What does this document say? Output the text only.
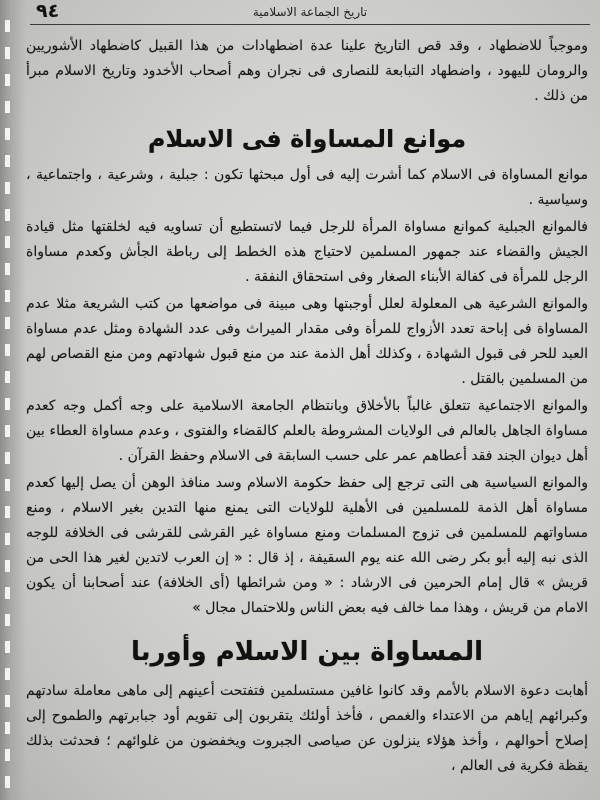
٩٤	تاريخ الجماعة الاسلامية

وموجباً للاضطهاد ، وقد قص التاريخ علينا عدة اضطهادات من هذا القبيل كاضطهاد الأشوريين والرومان لليهود ، واضطهاد التبابعة للنصارى فى نجران وهم أصحاب الأخدود وتاريخ الاسلام مبرأ من ذلك .

موانع المساواة فى الاسلام

موانع المساواة فى الاسلام كما أشرت إليه فى أول مبحثها تكون : جبلية ، وشرعية ، واجتماعية ، وسياسية .

فالموانع الجبلية كموانع مساواة المرأة للرجل فيما لاتستطيع أن تساويه فيه لخلقتها مثل قيادة الجيش والقضاء عند جمهور المسلمين لاحتياج هذه الخطط إلى رباطة الجأش وكعدم مساواة الرجل للمرأة فى كفالة الأبناء الصغار وفى استحقاق النفقة .

والموانع الشرعية هى المعلولة لعلل أوجبتها وهى مبينة فى مواضعها من كتب الشريعة مثلا عدم المساواة فى إباحة تعدد الأزواج للمرأة وفى مقدار الميراث وفى عدد الشهادة ومثل عدم مساواة العبد للحر فى قبول الشهادة ، وكذلك أهل الذمة عند من منع قبول شهادتهم ومن منع القصاص لهم من المسلمين بالقتل .

والموانع الاجتماعية تتعلق غالباً بالأخلاق وبانتظام الجامعة الاسلامية على وجه أكمل وجه كعدم مساواة الجاهل بالعالم فى الولايات المشروطة بالعلم كالقضاء والفتوى ، وعدم مساواة العطاء بين أهل ديوان الجند فقد أعطاهم عمر على حسب السابقة فى الاسلام وحفظ القرآن .

والموانع السياسية هى التى ترجع إلى حفظ حكومة الاسلام وسد منافذ الوهن أن يصل إليها كعدم مساواة أهل الذمة للمسلمين فى الأهلية للولايات التى يمنع منها التدين بغير الاسلام ، ومنع مساواتهم للمسلمين فى تزوج المسلمات ومنع مساواة غير القرشى للقرشى فى الخلافة للوجه الذى نبه إليه أبو بكر رضى الله عنه يوم السقيفة ، إذ قال : « إن العرب لاتدين لغير هذا الحى من قريش » قال إمام الحرمين فى الارشاد : « ومن شرائطها (أى الخلافة) عند أصحابنا أن يكون الامام من قريش ، وهذا مما خالف فيه بعض الناس وللاحتمال مجال »

المساواة بين الاسلام وأوربا

أهابت دعوة الاسلام بالأمم وقد كانوا غافين مستسلمين فتفتحت أعينهم إلى ماهى معاملة سادتهم وكبرائهم إياهم من الاعتداء والغمص ، فأخذ أولئك يتقربون إلى تقويم أود جبابرتهم والطموح إلى إصلاح أحوالهم ، وأخذ هؤلاء ينزلون عن صياصى الجبروت ويخفضون من غلوائهم ؛ فحدثت بذلك يقظة فكرية فى العالم ،
